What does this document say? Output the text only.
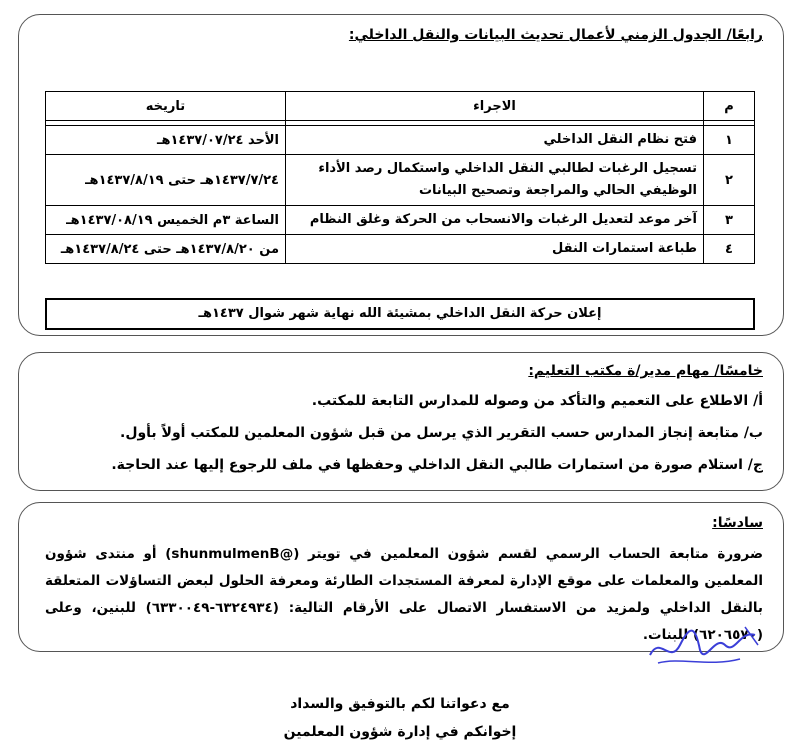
رابعًا/ الجدول الزمني لأعمال تحديث البيانات والنقل الداخلي:
م	الاجراء	تاريخه

١	فتح نظام النقل الداخلي	الأحد ١٤٣٧/٠٧/٢٤هـ
٢	تسجيل الرغبات لطالبي النقل الداخلي واستكمال رصد الأداء الوظيفي الحالي والمراجعة وتصحيح البيانات	١٤٣٧/٧/٢٤هـ حتى ١٤٣٧/٨/١٩هـ
٣	آخر موعد لتعديل الرغبات والانسحاب من الحركة وغلق النظام	الساعة ٣م الخميس ١٤٣٧/٠٨/١٩هـ
٤	طباعة استمارات النقل	من ١٤٣٧/٨/٢٠هـ حتى ١٤٣٧/٨/٢٤هـ
إعلان حركة النقل الداخلي بمشيئة الله نهاية شهر شوال ١٤٣٧هـ
خامسًا/ مهام مدير/ة مكتب التعليم:
أ/ الاطلاع على التعميم والتأكد من وصوله للمدارس التابعة للمكتب.
ب/ متابعة إنجاز المدارس حسب التقرير الذي يرسل من قبل شؤون المعلمين للمكتب أولاً بأول.
ج/ استلام صورة من استمارات طالبي النقل الداخلي وحفظها في ملف للرجوع إليها عند الحاجة.
سادسًا:
ضرورة متابعة الحساب الرسمي لقسم شؤون المعلمين في تويتر (@shunmulmenB) أو منتدى شؤون المعلمين والمعلمات على موقع الإدارة لمعرفة المستجدات الطارئة ومعرفة الحلول لبعض التساؤلات المتعلقة بالنقل الداخلي ولمزيد من الاستفسار الاتصال على الأرقام التالية: (٦٣٢٤٩٣٤-٦٣٣٠٠٤٩) للبنين، وعلى (٦٢٠٦٥٧٠) للبنات.
مع دعواتنا لكم بالتوفيق والسداد
إخوانكم في إدارة شؤون المعلمين
